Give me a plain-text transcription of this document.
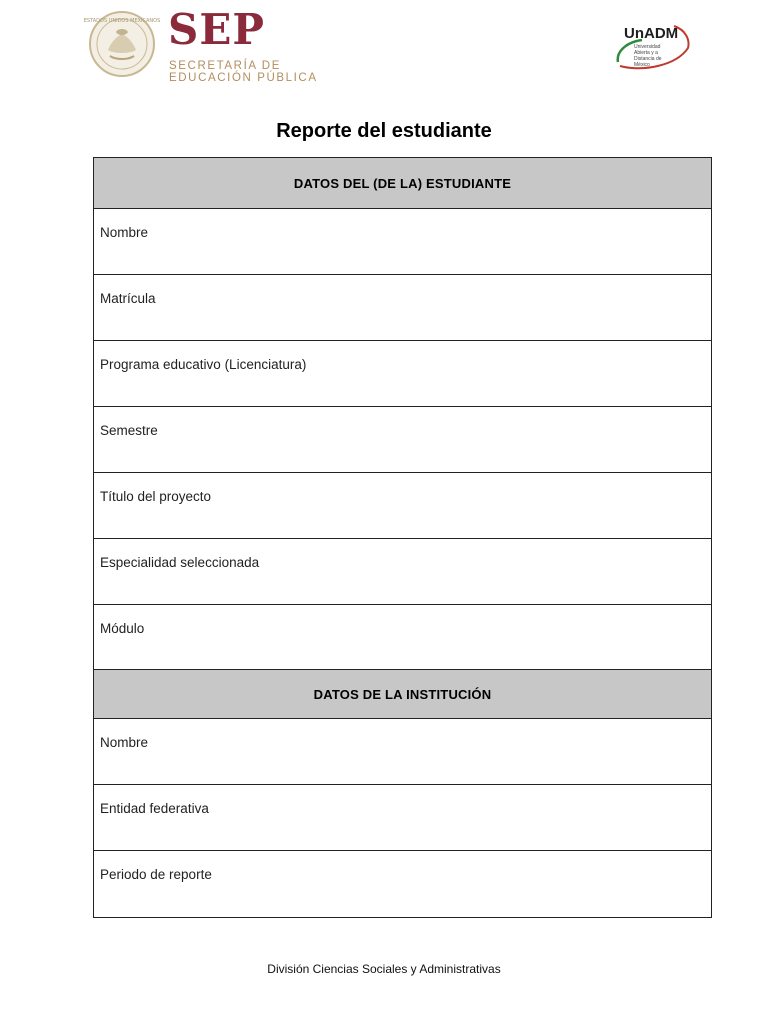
ESTADOS UNIDOS MEXICANOS SEP
SECRETARÍA DE
EDUCACIÓN PÚBLICA
UnADM
Universidad Abierta y a Distancia de México
Reporte del estudiante
DATOS DEL (DE LA) ESTUDIANTE
Nombre
Matrícula
Programa educativo (Licenciatura)
Semestre
Título del proyecto
Especialidad seleccionada
Módulo
DATOS DE LA INSTITUCIÓN
Nombre
Entidad federativa
Periodo de reporte
División Ciencias Sociales y Administrativas
